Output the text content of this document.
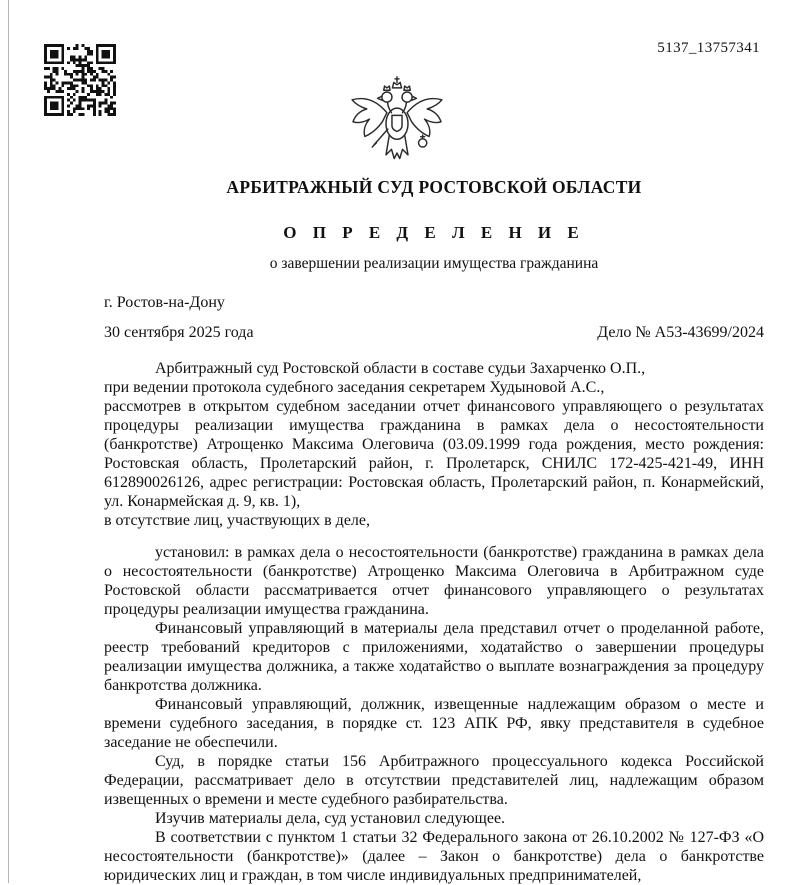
5137_13757341
АРБИТРАЖНЫЙ СУД РОСТОВСКОЙ ОБЛАСТИ
О П Р Е Д Е Л Е Н И Е
о завершении реализации имущества гражданина
г. Ростов-на-Дону
30 сентября 2025 года	Дело № А53-43699/2024

Арбитражный суд Ростовской области в составе судьи Захарченко О.П.,

при ведении протокола судебного заседания секретарем Худыновой А.С.,

рассмотрев в открытом судебном заседании отчет финансового управляющего о результатах процедуры реализации имущества гражданина в рамках дела о несостоятельности (банкротстве) Атрощенко Максима Олеговича (03.09.1999 года рождения, место рождения: Ростовская область, Пролетарский район, г. Пролетарск, СНИЛС 172-425-421-49, ИНН 612890026126, адрес регистрации: Ростовская область, Пролетарский район, п. Конармейский, ул. Конармейская д. 9, кв. 1),

в отсутствие лиц, участвующих в деле,

установил: в рамках дела о несостоятельности (банкротстве) гражданина в рамках дела о несостоятельности (банкротстве) Атрощенко Максима Олеговича в Арбитражном суде Ростовской области рассматривается отчет финансового управляющего о результатах процедуры реализации имущества гражданина.

Финансовый управляющий в материалы дела представил отчет о проделанной работе, реестр требований кредиторов с приложениями, ходатайство о завершении процедуры реализации имущества должника, а также ходатайство о выплате вознаграждения за процедуру банкротства должника.

Финансовый управляющий, должник, извещенные надлежащим образом о месте и времени судебного заседания, в порядке ст. 123 АПК РФ, явку представителя в судебное заседание не обеспечили.

Суд, в порядке статьи 156 Арбитражного процессуального кодекса Российской Федерации, рассматривает дело в отсутствии представителей лиц, надлежащим образом извещенных о времени и месте судебного разбирательства.

Изучив материалы дела, суд установил следующее.

В соответствии с пунктом 1 статьи 32 Федерального закона от 26.10.2002 № 127-ФЗ «О несостоятельности (банкротстве)» (далее – Закон о банкротстве) дела о банкротстве юридических лиц и граждан, в том числе индивидуальных предпринимателей,
